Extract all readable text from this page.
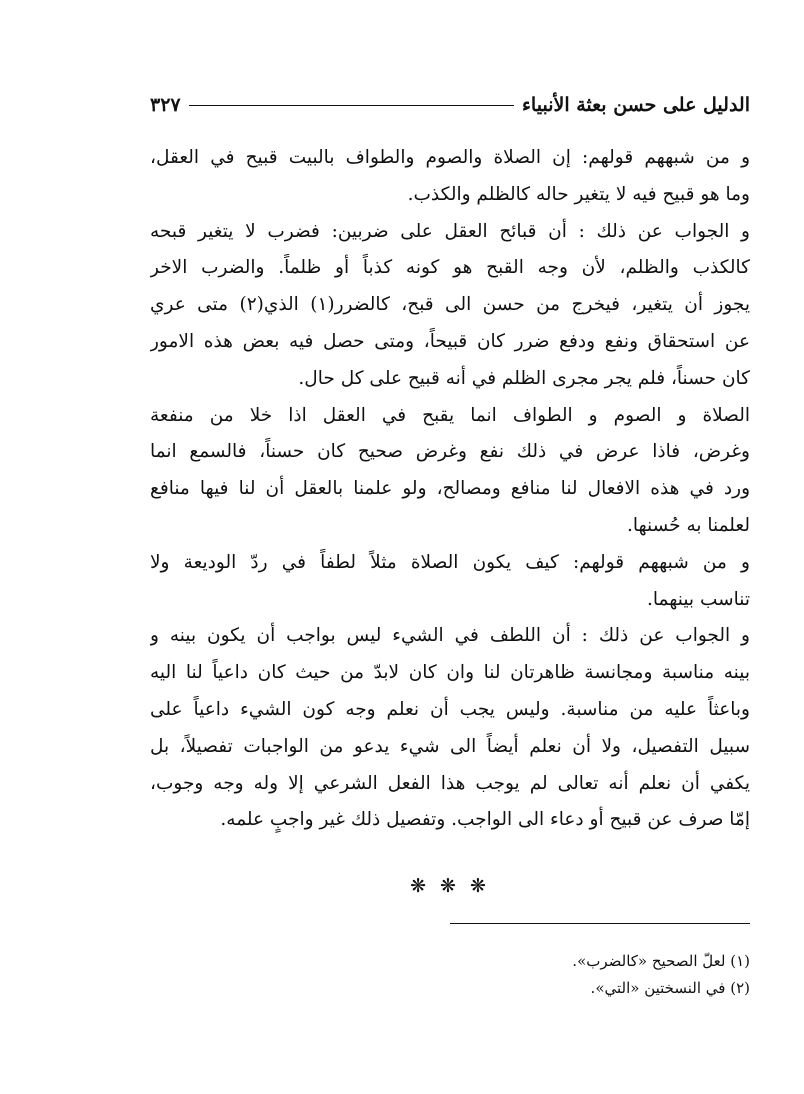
الدليل على حسن بعثة الأنبياء
٣٢٧
و من شبههم قولهم: إن الصلاة والصوم والطواف بالبيت قبيح في العقل،
وما هو قبيح فيه لا يتغير حاله كالظلم والكذب.
و الجواب عن ذلك : أن قبائح العقل على ضربين: فضرب لا يتغير قبحه
كالكذب والظلم، لأن وجه القبح هو كونه كذباً أو ظلماً. والضرب الاخر
يجوز أن يتغير، فيخرج من حسن الى قبح، كالضرر(١) الذي(٢) متى عري
عن استحقاق ونفع ودفع ضرر كان قبيحاً، ومتى حصل فيه بعض هذه الامور
كان حسناً، فلم يجر مجرى الظلم في أنه قبيح على كل حال.
الصلاة و الصوم و الطواف انما يقبح في العقل اذا خلا من منفعة
وغرض، فاذا عرض في ذلك نفع وغرض صحيح كان حسناً، فالسمع انما
ورد في هذه الافعال لنا منافع ومصالح، ولو علمنا بالعقل أن لنا فيها منافع
لعلمنا به حُسنها.
و من شبههم قولهم: كيف يكون الصلاة مثلاً لطفاً في ردّ الوديعة ولا
تناسب بينهما.
و الجواب عن ذلك : أن اللطف في الشيء ليس بواجب أن يكون بينه و
بينه مناسبة ومجانسة ظاهرتان لنا وان كان لابدّ من حيث كان داعياً لنا اليه
وباعثاً عليه من مناسبة. وليس يجب أن نعلم وجه كون الشيء داعياً على
سبيل التفصيل، ولا أن نعلم أيضاً الى شيء يدعو من الواجبات تفصيلاً، بل
يكفي أن نعلم أنه تعالى لم يوجب هذا الفعل الشرعي إلا وله وجه وجوب،
إمّا صرف عن قبيح أو دعاء الى الواجب. وتفصيل ذلك غير واجبٍ علمه.
❋ ❋ ❋
(١) لعلّ الصحيح «كالضرب».
(٢) في النسختين «التي».
